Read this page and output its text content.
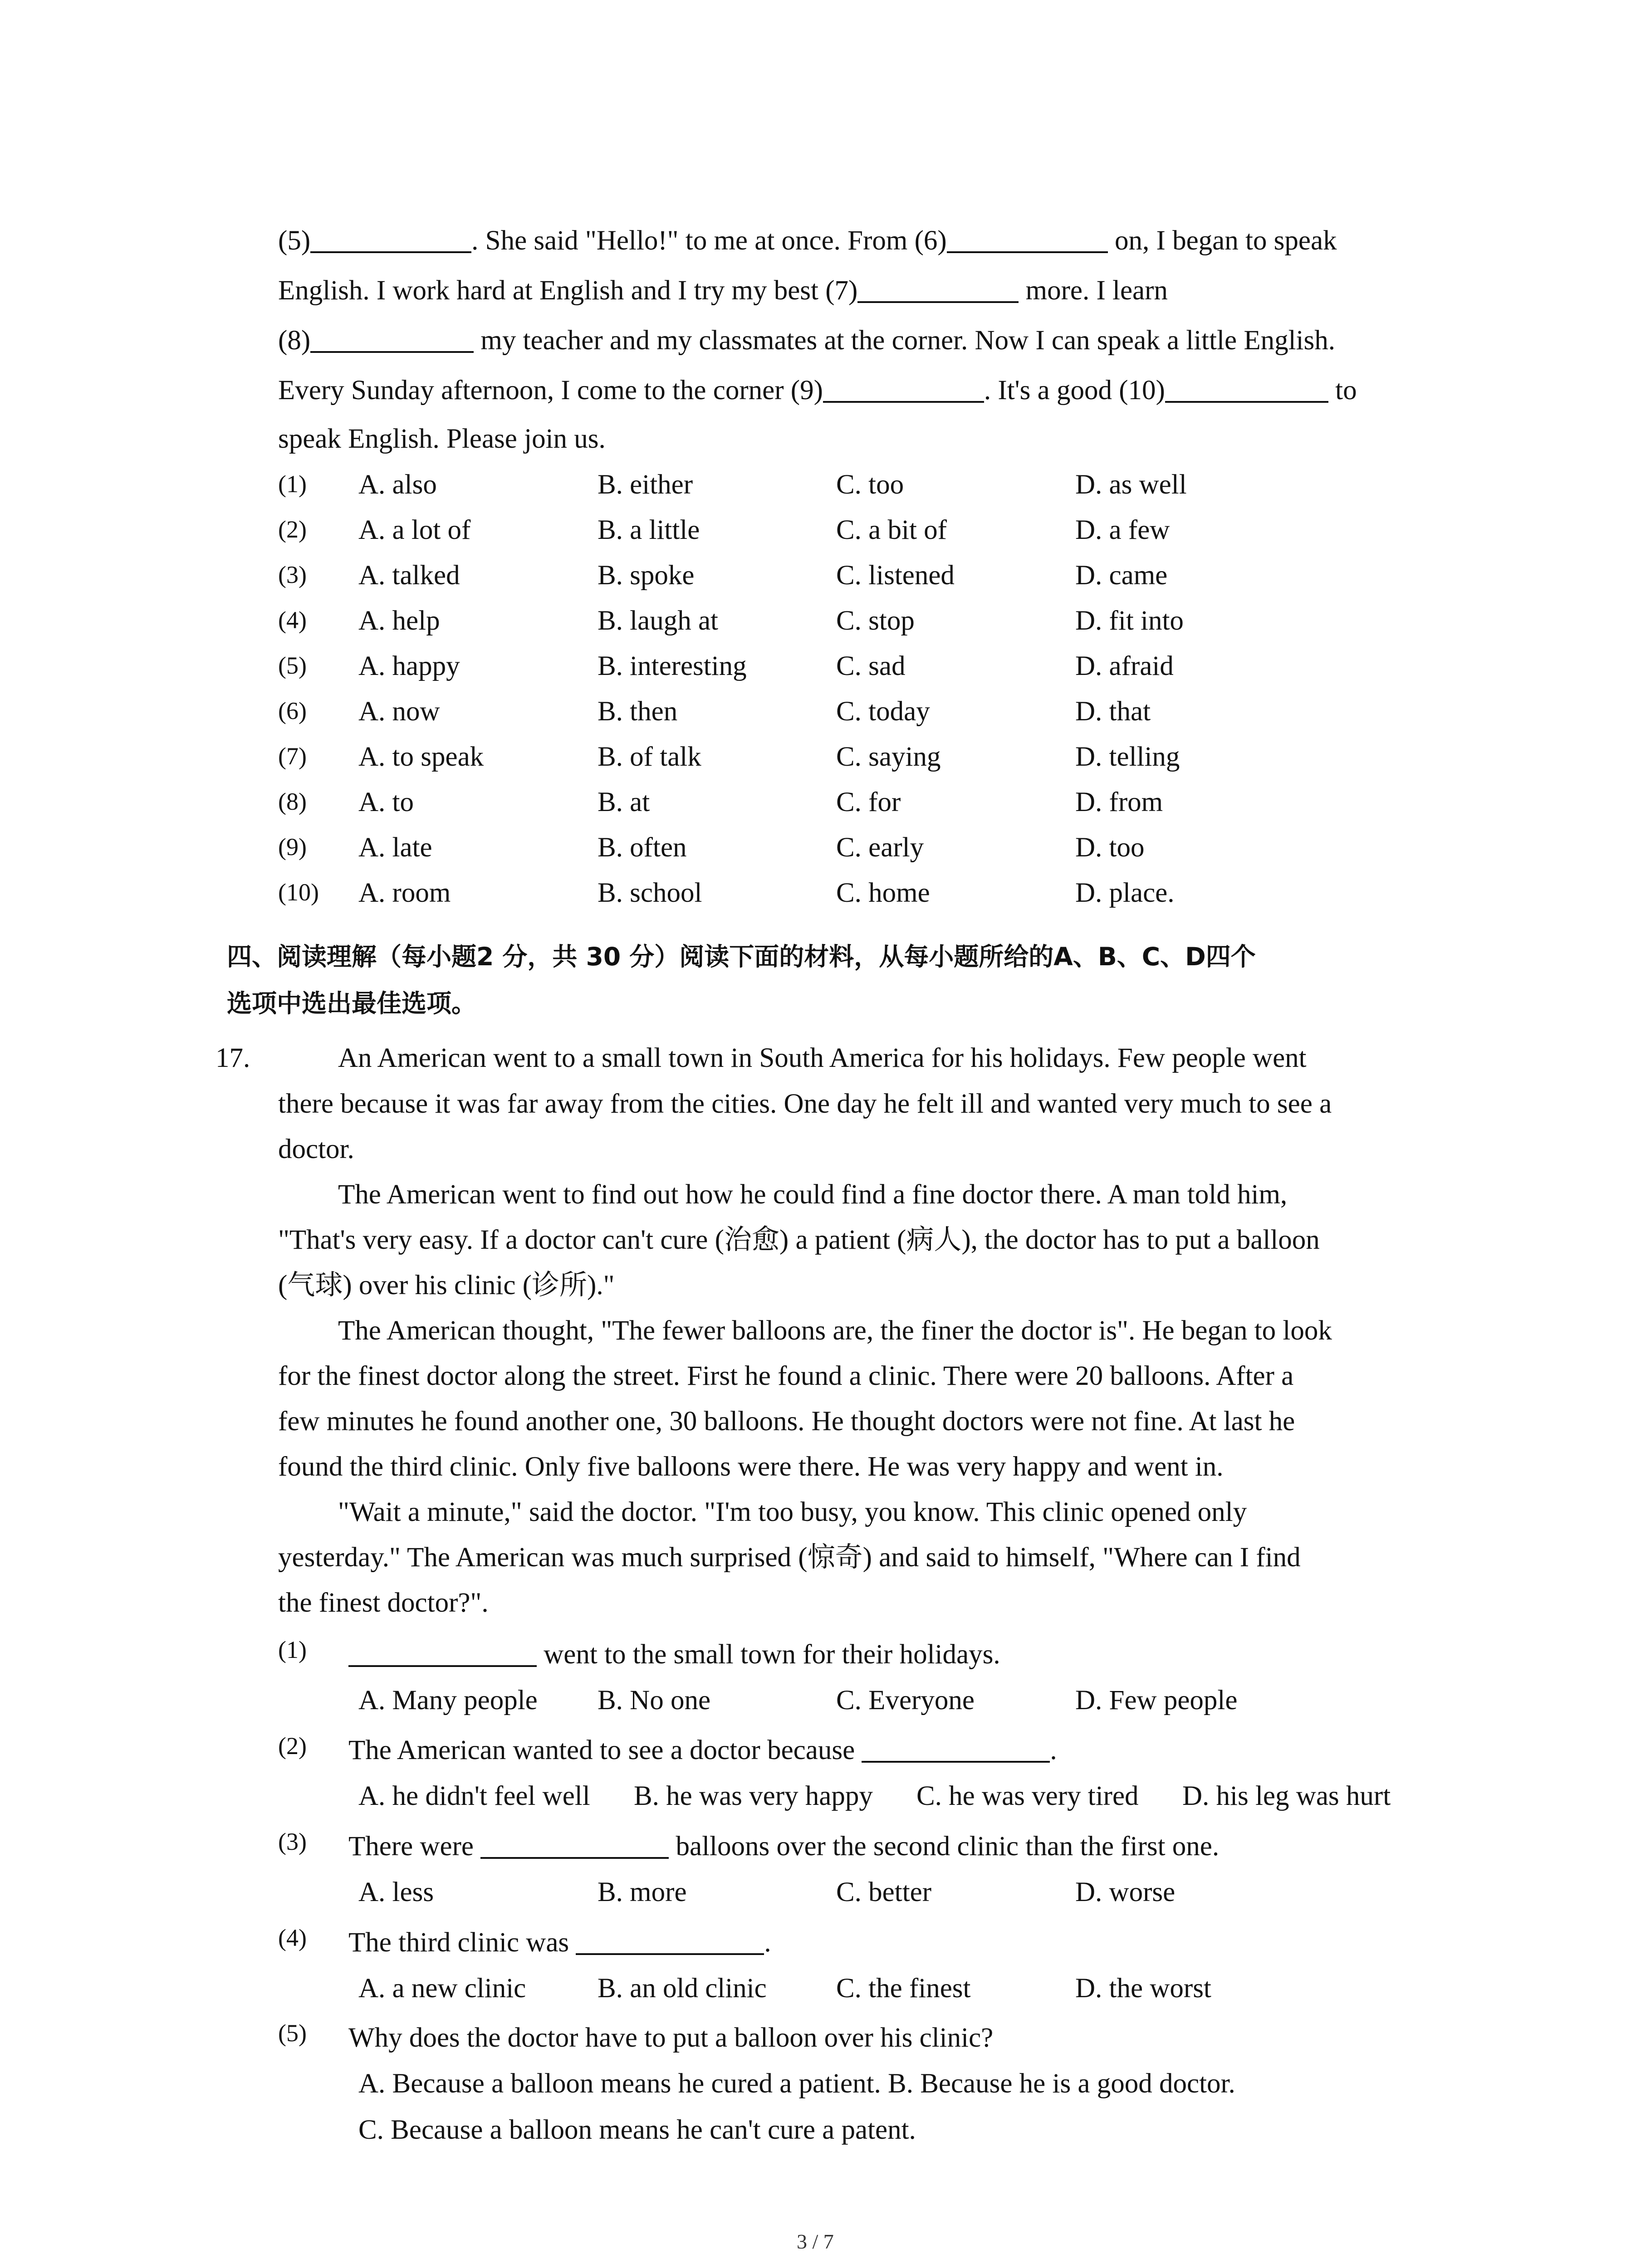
(5)	. She said "Hello!" to me at once. From (6)	on, I began to speak
English. I work hard at English and I try my best (7)	more. I learn
(8)	my teacher and my classmates at the corner. Now I can speak a little English.
Every Sunday afternoon, I come to the corner (9)	. It's a good (10)	to
speak English. Please join us.
(1) A. also	B. either	C. too	D. as well
(2) A. a lot of	B. a little	C. a bit of	D. a few
(3) A. talked	B. spoke	C. listened	D. came
(4) A. help	B. laugh at	C. stop	D. fit into
(5) A. happy	B. interesting	C. sad	D. afraid
(6) A. now	B. then	C. today	D. that
(7) A. to speak	B. of talk	C. saying	D. telling
(8) A. to	B. at	C. for	D. from
(9) A. late	B. often	C. early	D. too
(10) A. room	B. school	C. home	D. place.
四、阅读理解（每小题2 分，共 30 分）阅读下面的材料，从每小题所给的A、B、C、D四个
选项中选出最佳选项。
17.	An American went to a small town in South America for his holidays. Few people went
there because it was far away from the cities. One day he felt ill and wanted very much to see a
doctor.
The American went to find out how he could find a fine doctor there. A man told him,
"That's very easy. If a doctor can't cure (治愈) a patient (病人), the doctor has to put a balloon
(气球) over his clinic (诊所)."
The American thought, "The fewer balloons are, the finer the doctor is". He began to look
for the finest doctor along the street. First he found a clinic. There were 20 balloons. After a
few minutes he found another one, 30 balloons. He thought doctors were not fine. At last he
found the third clinic. Only five balloons were there. He was very happy and went in.
"Wait a minute," said the doctor. "I'm too busy, you know. This clinic opened only
yesterday." The American was much surprised (惊奇) and said to himself, "Where can I find
the finest doctor?".
(1)	went to the small town for their holidays.
A. Many people B. No one	C. Everyone	D. Few people
(2) The American wanted to see a doctor because	.
A. he didn't feel well B. he was very happy C. he was very tired D. his leg was hurt
(3) There were	balloons over the second clinic than the first one.
A. less	B. more	C. better	D. worse
(4) The third clinic was	.
A. a new clinic	B. an old clinic	C. the finest	D. the worst
(5) Why does the doctor have to put a balloon over his clinic?
A. Because a balloon means he cured a patient. B. Because he is a good doctor.
C. Because a balloon means he can't cure a patent.
3 / 7
